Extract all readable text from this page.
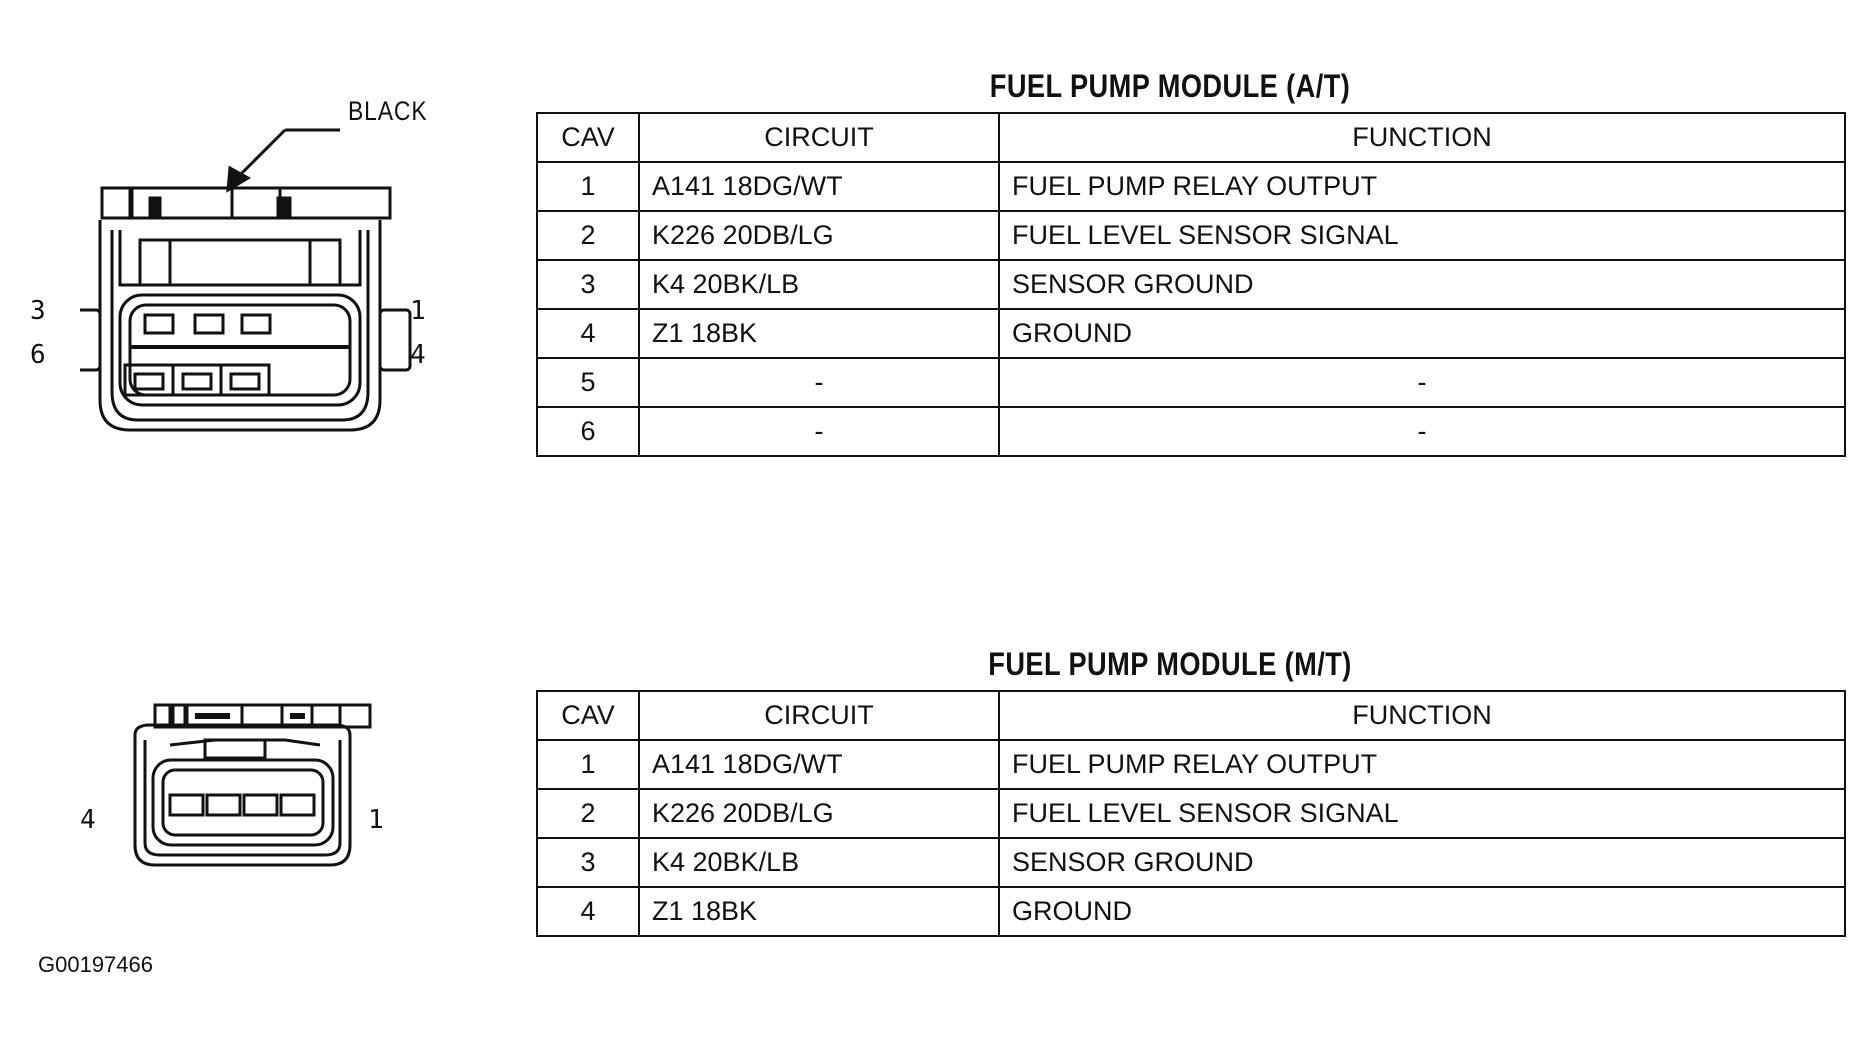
BLACK
3
6
1
4
FUEL PUMP MODULE (A/T)
CAV	CIRCUIT	FUNCTION
1	A141 18DG/WT	FUEL PUMP RELAY OUTPUT
2	K226 20DB/LG	FUEL LEVEL SENSOR SIGNAL
3	K4 20BK/LB	SENSOR GROUND
4	Z1 18BK	GROUND
5	-	-
6	-	-
4	1
FUEL PUMP MODULE (M/T)
CAV	CIRCUIT	FUNCTION
1	A141 18DG/WT	FUEL PUMP RELAY OUTPUT
2	K226 20DB/LG	FUEL LEVEL SENSOR SIGNAL
3	K4 20BK/LB	SENSOR GROUND
4	Z1 18BK	GROUND
G00197466
